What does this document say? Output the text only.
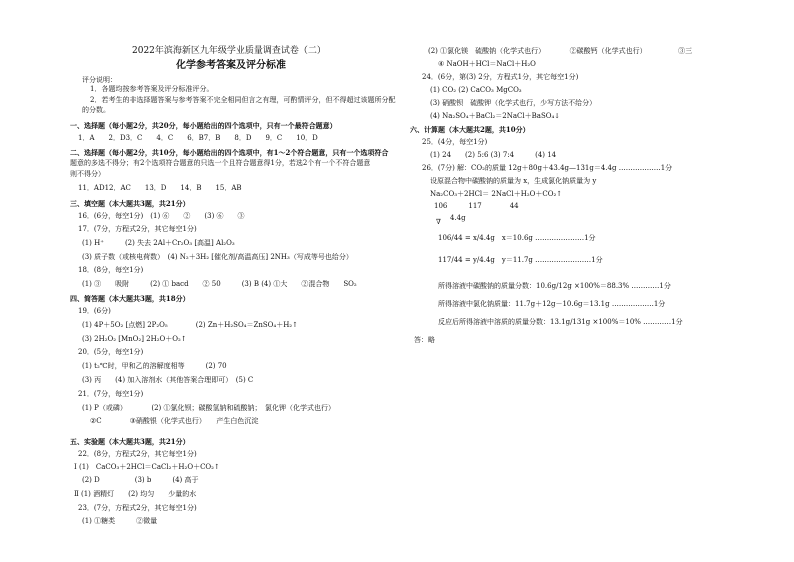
2022年滨海新区九年级学业质量调查试卷（二）
化学参考答案及评分标准
评分说明：
1．各题均按参考答案及评分标准评分。
2．若考生的非选择题答案与参考答案不完全相同但言之有理，可酌情评分，但不得超过该题所分配
的分数。
一、选择题（每小题2分，共20分，每小题给出的四个选项中，只有一个最符合题意）
1．A　　2．D3．C　　4．C　　6．B7．B　　8．D　　9．C　　10．D
二、选择题（每小题2分，共10分，每小题给出的四个选项中，有1～2个符合题意，只有一个选项符合
题意的多选不得分；有2个选项符合题意的只选一个且符合题意得1分，若选2个有一个不符合题意
则不得分）
11．AD12．AC　　13．D　　14．B　　15．AB
三、填空题（本大题共3题，共21分）
16．(6分，每空1分)　(1) ⑥　　②　　(3) ⑥　　③
17．(7分，方程式2分，其它每空1分)
(1) H⁺　　　(2) 失去 2Al＋Cr₂O₃ [高温] Al₂O₃
(3) 质子数（或核电荷数）　(4) N₂＋3H₂ [催化剂/高温高压] 2NH₃（写成等号也给分）
18．(8分，每空1分)
(1) ③　　吸附　　　(2) ① bacd　　② 50　　　(3) B (4) ①大　　②混合物　　SO₂
四、简答题（本大题共3题，共18分）
19．(6分)
(1) 4P＋5O₂ [点燃] 2P₂O₅　　　　(2) Zn＋H₂SO₄＝ZnSO₄＋H₂↑
(3) 2H₂O₂ [MnO₂] 2H₂O＋O₂↑
20．(5分，每空1分)
(1) t₂℃时，甲和乙的溶解度相等　　　(2) 70
(3) 丙　　(4) 加入溶剂水（其他答案合理即可）　(5) C
21．(7分，每空1分)
(1) P（或磷）　　　　(2) ①氯化钡；碳酸氢钠和硫酸钠；　氯化钾（化学式也行）
②C　　　　③硝酸银（化学式也行）　　产生白色沉淀
五、实验题（本大题共3题，共21分）
22．(8分，方程式2分，其它每空1分)
Ⅰ (1)　CaCO₃＋2HCl＝CaCl₂＋H₂O＋CO₂↑
(2) D　　　　　(3) b　　　(4) 高于
Ⅱ (1) 酒精灯　　(2) 均匀　　少量的水
23．(7分，方程式2分，其它每空1分)
(1) ①糖类　　　②微量
(2) ①氯化镁　硫酸钠（化学式也行）　　　　②碳酸钙（化学式也行）　　　　　③三
④ NaOH＋HCl＝NaCl＋H₂O
24．(6分，第(3) 2分，方程式1分，其它每空1分)
(1) CO₂ (2) CaCO₃ MgCO₃
(3) 硝酸钡　硫酸钾（化学式也行，少写方法不给分）
(4) Na₂SO₄＋BaCl₂＝2NaCl＋BaSO₄↓
六、计算题（本大题共2题，共10分）
25．(4分，每空1分)
(1) 24　　(2) 5:6 (3) 7:4　　　(4) 14
26．(7分) 解：CO₂的质量 12g＋80g＋43.4g—131g＝4.4g ………………1分
设原混合物中碳酸钠的质量为 x，生成氯化钠质量为 y
Na₂CO₃＋2HCl＝ 2NaCl＋H₂O＋CO₂↑
106　　　117　　　　44
4.4g
∇
106/44 = x/4.4g　x＝10.6g …………………1分
117/44 = y/4.4g　y＝11.7g ……………………1分
所得溶液中碳酸钠的质量分数：10.6g/12g ×100%＝88.3% …………1分
所得溶液中氯化钠质量：11.7g＋12g－10.6g＝13.1g ………………1分
反应后所得溶液中溶质的质量分数：13.1g/131g ×100%＝10% …………1分
答：略
